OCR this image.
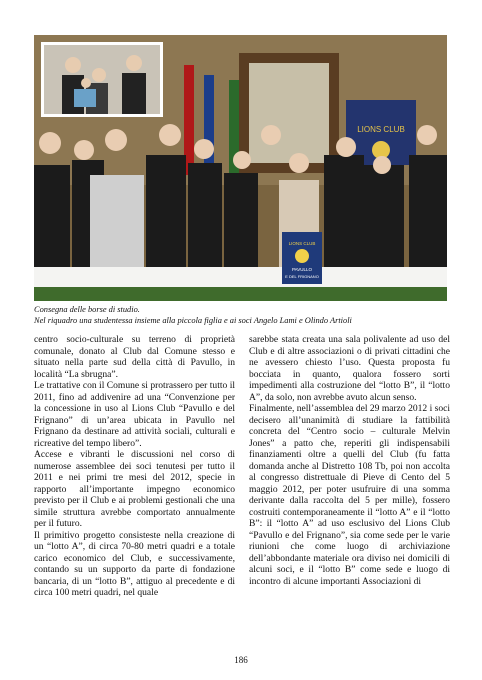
LIONS CLUB
LIONS CLUB
PAVULLO
E DEL FRIGNANO
Consegna delle borse di studio.
Nel riquadro una studentessa insieme alla piccola figlia e ai soci Angelo Lami e Olindo Artioli

centro socio-culturale su terreno di proprietà comunale, donato al Club dal Comune stesso e situato nella parte sud della città di Pavullo, in località “La sbrugna”.

Le trattative con il Comune si protrassero per tutto il 2011, fino ad addivenire ad una “Convenzione per la concessione in uso al Lions Club “Pavullo e del Frignano” di un’area ubicata in Pavullo nel Frignano da destinare ad attività sociali, culturali e ricreative del tempo libero”.

Accese e vibranti le discussioni nel corso di numerose assemblee dei soci tenutesi per tutto il 2011 e nei primi tre mesi del 2012, specie in rapporto all’importante impegno economico previsto per il Club e ai problemi gestionali che una simile struttura avrebbe comportato annualmente per il futuro.

Il primitivo progetto consisteste nella creazione di un “lotto A”, di circa 70-80 metri quadri e a totale carico economico del Club, e successivamente, contando su un supporto da parte di fondazione bancaria, di un “lotto B”, attiguo al precedente e di circa 100 metri quadri, nel quale

sarebbe stata creata una sala polivalente ad uso del Club e di altre associazioni o di privati cittadini che ne avessero chiesto l’uso. Questa proposta fu bocciata in quanto, qualora fossero sorti impedimenti alla costruzione del “lotto B”, il “lotto A”, da solo, non avrebbe avuto alcun senso.

Finalmente, nell’assemblea del 29 marzo 2012 i soci decisero all’unanimità di studiare la fattibilità concreta del “Centro socio – culturale Melvin Jones” a patto che, reperiti gli indispensabili finanziamenti oltre a quelli del Club (fu fatta domanda anche al Distretto 108 Tb, poi non accolta al congresso distrettuale di Pieve di Cento del 5 maggio 2012, per poter usufruire di una somma derivante dalla raccolta del 5 per mille), fossero costruiti contemporaneamente il “lotto A” e il “lotto B”: il “lotto A” ad uso esclusivo del Lions Club “Pavullo e del Frignano”, sia come sede per le varie riunioni che come luogo di archiviazione dell’abbondante materiale ora diviso nei domicili di alcuni soci, e il “lotto B” come sede e luogo di incontro di alcune importanti Associazioni di

186
